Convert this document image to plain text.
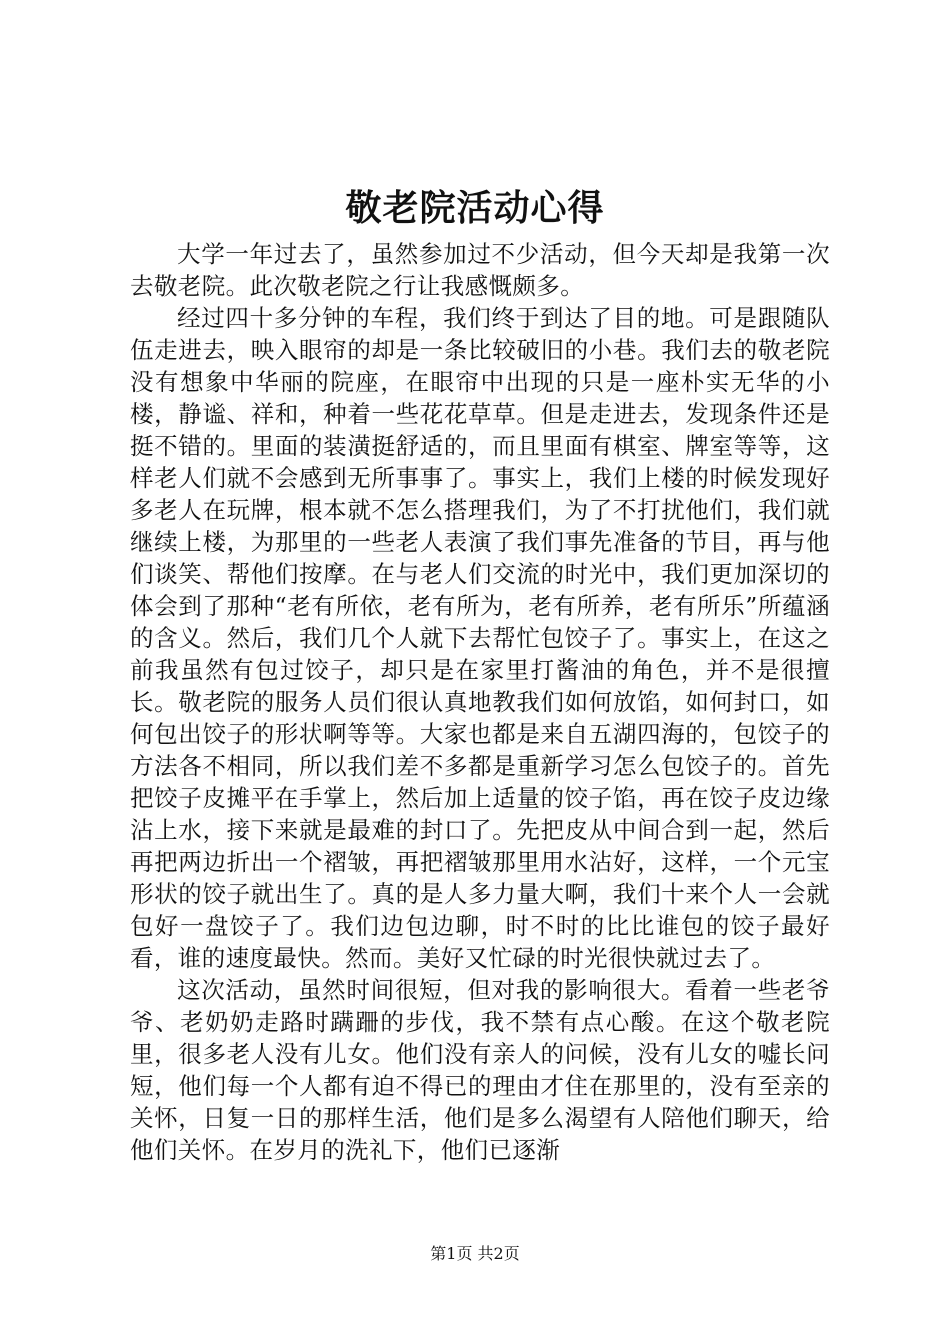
敬老院活动心得

大学一年过去了，虽然参加过不少活动，但今天却是我第一次去敬老院。此次敬老院之行让我感慨颇多。

经过四十多分钟的车程，我们终于到达了目的地。可是跟随队伍走进去，映入眼帘的却是一条比较破旧的小巷。我们去的敬老院没有想象中华丽的院座，在眼帘中出现的只是一座朴实无华的小楼，静谧、祥和，种着一些花花草草。但是走进去，发现条件还是挺不错的。里面的装潢挺舒适的，而且里面有棋室、牌室等等，这样老人们就不会感到无所事事了。事实上，我们上楼的时候发现好多老人在玩牌，根本就不怎么搭理我们，为了不打扰他们，我们就继续上楼，为那里的一些老人表演了我们事先准备的节目，再与他们谈笑、帮他们按摩。在与老人们交流的时光中，我们更加深切的体会到了那种“老有所依，老有所为，老有所养，老有所乐”所蕴涵的含义。然后，我们几个人就下去帮忙包饺子了。事实上，在这之前我虽然有包过饺子，却只是在家里打酱油的角色，并不是很擅长。敬老院的服务人员们很认真地教我们如何放馅，如何封口，如何包出饺子的形状啊等等。大家也都是来自五湖四海的，包饺子的方法各不相同，所以我们差不多都是重新学习怎么包饺子的。首先把饺子皮摊平在手掌上，然后加上适量的饺子馅，再在饺子皮边缘沾上水，接下来就是最难的封口了。先把皮从中间合到一起，然后再把两边折出一个褶皱，再把褶皱那里用水沾好，这样，一个元宝形状的饺子就出生了。真的是人多力量大啊，我们十来个人一会就包好一盘饺子了。我们边包边聊，时不时的比比谁包的饺子最好看，谁的速度最快。然而。美好又忙碌的时光很快就过去了。

这次活动，虽然时间很短，但对我的影响很大。看着一些老爷爷、老奶奶走路时蹒跚的步伐，我不禁有点心酸。在这个敬老院里，很多老人没有儿女。他们没有亲人的问候，没有儿女的嘘长问短，他们每一个人都有迫不得已的理由才住在那里的，没有至亲的关怀，日复一日的那样生活，他们是多么渴望有人陪他们聊天，给他们关怀。在岁月的洗礼下，他们已逐渐

第1页 共2页
